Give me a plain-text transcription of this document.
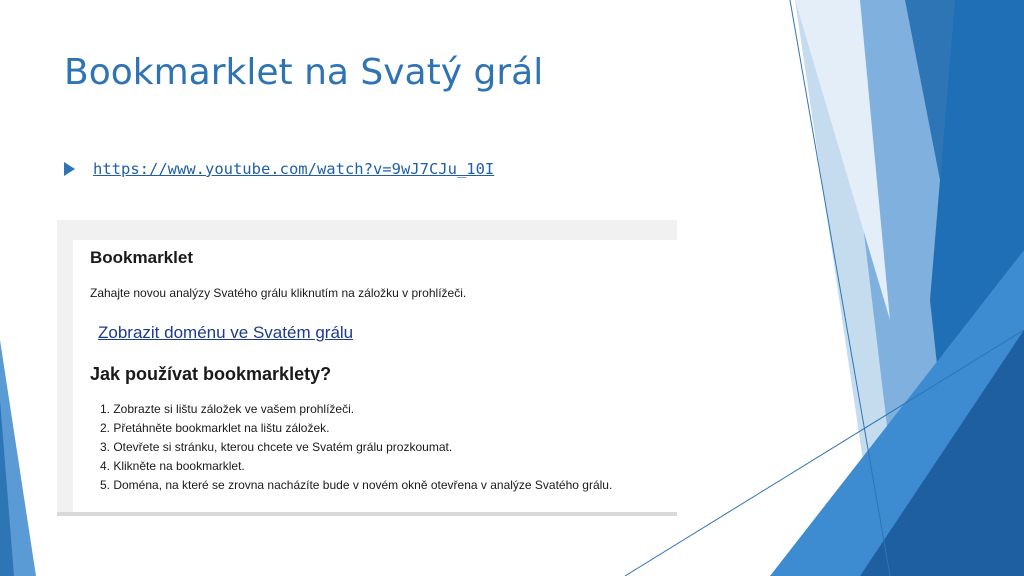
Bookmarklet na Svatý grál
https://www.youtube.com/watch?v=9wJ7CJu_10I
Bookmarklet
Zahajte novou analýzy Svatého grálu kliknutím na záložku v prohlížeči.
Zobrazit doménu ve Svatém grálu
Jak používat bookmarklety?
1. Zobrazte si lištu záložek ve vašem prohlížeči.
2. Přetáhněte bookmarklet na lištu záložek.
3. Otevřete si stránku, kterou chcete ve Svatém grálu prozkoumat.
4. Klikněte na bookmarklet.
5. Doména, na které se zrovna nacházíte bude v novém okně otevřena v analýze Svatého grálu.
